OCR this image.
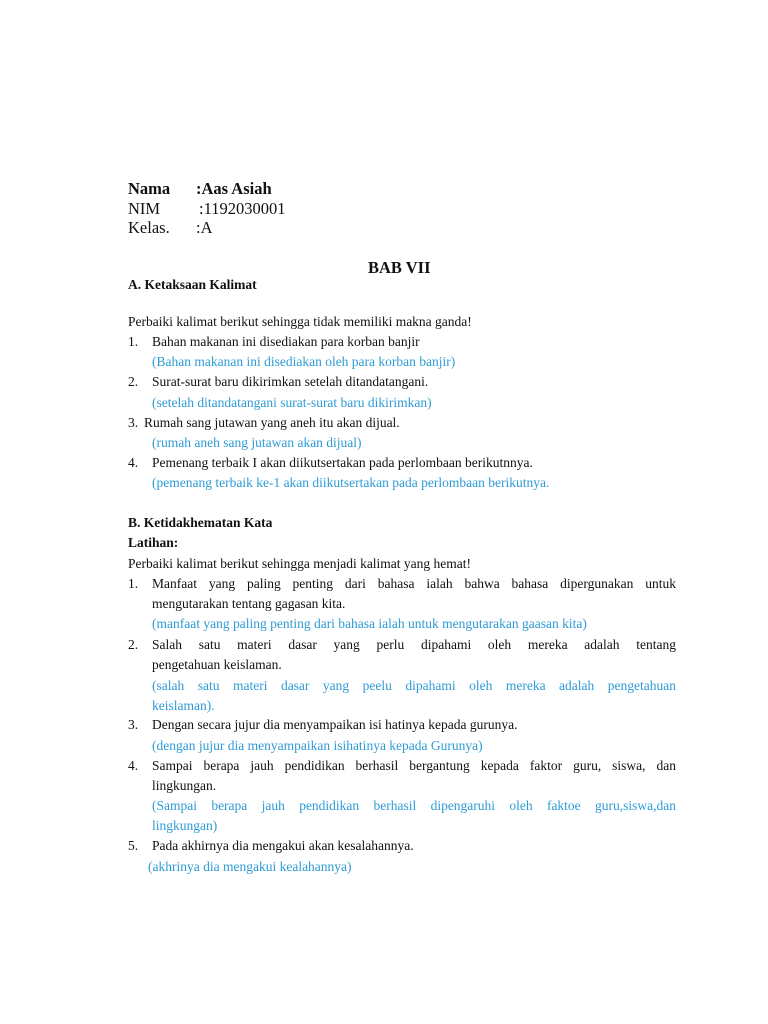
Nama :Aas Asiah
NIM :1192030001
Kelas. :A
BAB VII
A. Ketaksaan Kalimat
Perbaiki kalimat berikut sehingga tidak memiliki makna ganda!
1. Bahan makanan ini disediakan para korban banjir
(Bahan makanan ini disediakan oleh para korban banjir)
2. Surat-surat baru dikirimkan setelah ditandatangani.
(setelah ditandatangani surat-surat baru dikirimkan)
3. Rumah sang jutawan yang aneh itu akan dijual.
(rumah aneh sang jutawan akan dijual)
4. Pemenang terbaik I akan diikutsertakan pada perlombaan berikutnnya.
(pemenang terbaik ke-1 akan diikutsertakan pada perlombaan berikutnya.
B. Ketidakhematan Kata
Latihan:
Perbaiki kalimat berikut sehingga menjadi kalimat yang hemat!
1. Manfaat yang paling penting dari bahasa ialah bahwa bahasa dipergunakan untuk
mengutarakan tentang gagasan kita.
(manfaat yang paling penting dari bahasa ialah untuk mengutarakan gaasan kita)
2. Salah satu materi dasar yang perlu dipahami oleh mereka adalah tentang
pengetahuan keislaman.
(salah satu materi dasar yang peelu dipahami oleh mereka adalah pengetahuan
keislaman).
3. Dengan secara jujur dia menyampaikan isi hatinya kepada gurunya.
(dengan jujur dia menyampaikan isihatinya kepada Gurunya)
4. Sampai berapa jauh pendidikan berhasil bergantung kepada faktor guru, siswa, dan
lingkungan.
(Sampai berapa jauh pendidikan berhasil dipengaruhi oleh faktoe guru,siswa,dan
lingkungan)
5. Pada akhirnya dia mengakui akan kesalahannya.
(akhrinya dia mengakui kealahannya)
